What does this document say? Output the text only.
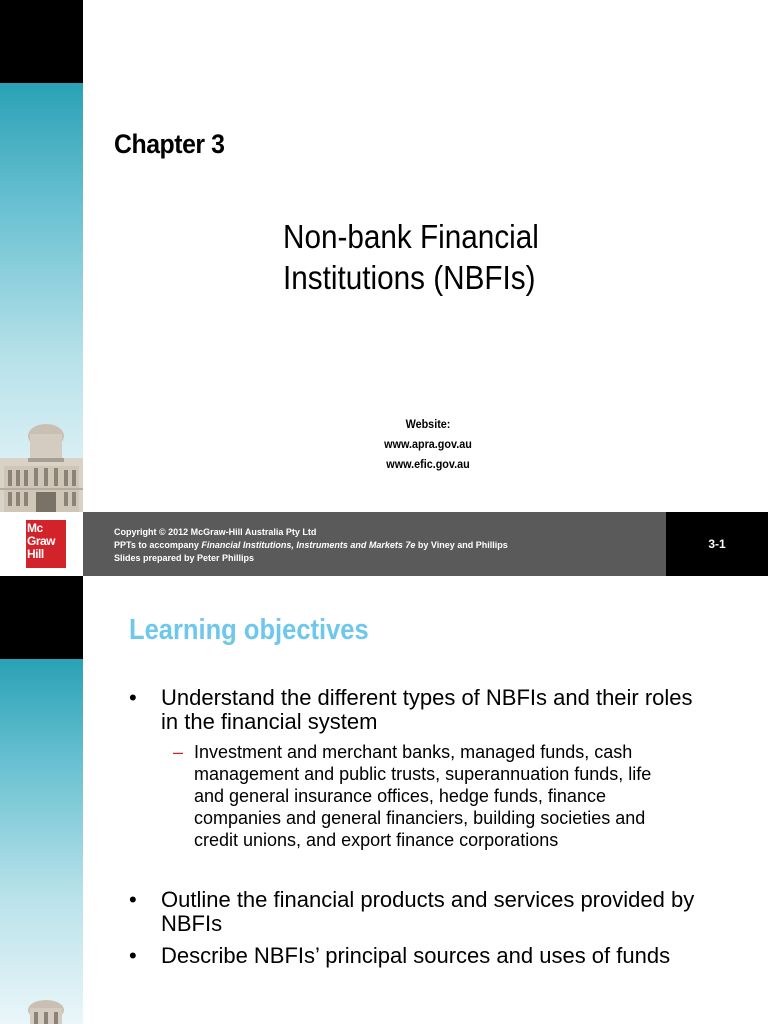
Chapter 3
Non-bank Financial
Institutions (NBFIs)
Website:
www.apra.gov.au
www.efic.gov.au
Mc
Graw
Hill
Copyright © 2012 McGraw-Hill Australia Pty Ltd
PPTs to accompany Financial Institutions, Instruments and Markets 7e by Viney and Phillips
Slides prepared by Peter Phillips
3-1
Learning objectives
• Understand the different types of NBFIs and their roles
in the financial system
– Investment and merchant banks, managed funds, cash
management and public trusts, superannuation funds, life
and general insurance offices, hedge funds, finance
companies and general financiers, building societies and
credit unions, and export finance corporations
• Outline the financial products and services provided by
NBFIs
• Describe NBFIs’ principal sources and uses of funds
